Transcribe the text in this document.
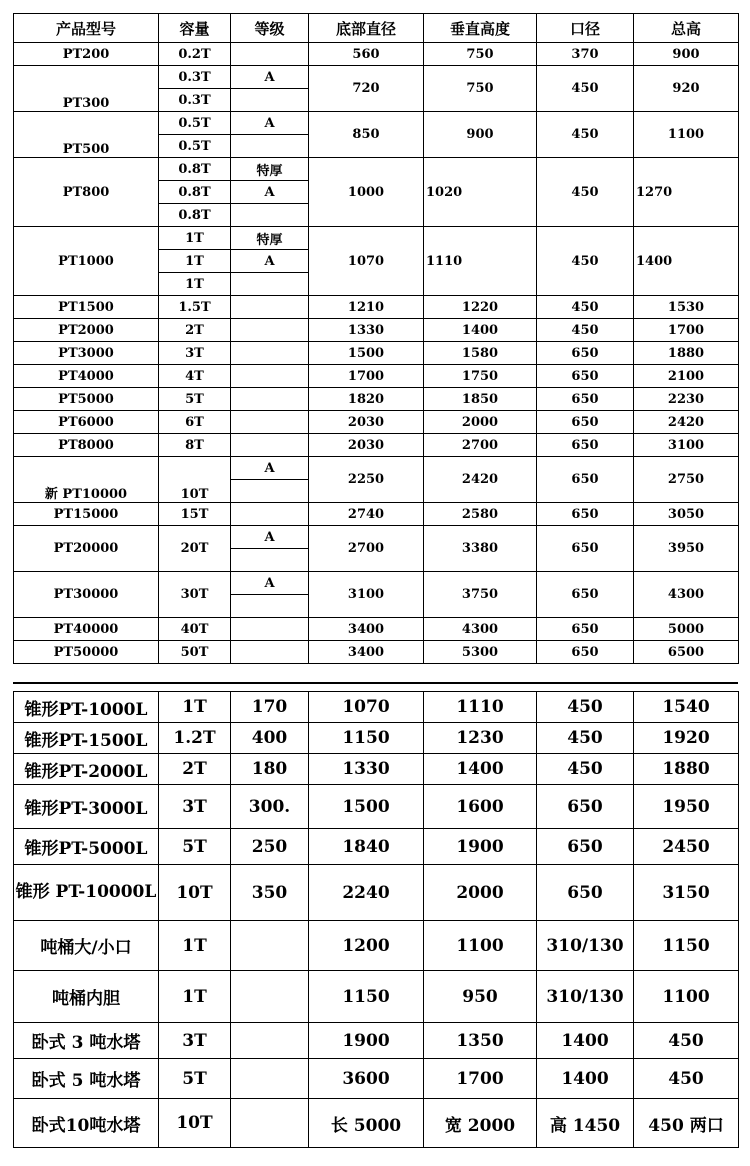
产品型号	容量	等级	底部直径	垂直高度	口径	总高
PT200	0.2T		560	750	370	900
PT300	0.3T	A	720	750	450	920
	0.3T					
PT500	0.5T	A	850	900	450	1100
	0.5T					
PT800	0.8T	特厚	1000	1020	450	1270
	0.8T	A				
	0.8T					
PT1000	1T	特厚	1070	1110	450	1400
	1T	A				
	1T					
PT1500	1.5T		1210	1220	450	1530
PT2000	2T		1330	1400	450	1700
PT3000	3T		1500	1580	650	1880
PT4000	4T		1700	1750	650	2100
PT5000	5T		1820	1850	650	2230
PT6000	6T		2030	2000	650	2420
PT8000	8T		2030	2700	650	3100
新 PT10000	10T	A	2250	2420	650	2750

PT15000	15T		2740	2580	650	3050
PT20000	20T	A	2700	3380	650	3950

PT30000	30T	A	3100	3750	650	4300

PT40000	40T		3400	4300	650	5000
PT50000	50T		3400	5300	650	6500
锥形PT-1000L	1T	170	1070	1110	450	1540
锥形PT-1500L	1.2T	400	1150	1230	450	1920
锥形PT-2000L	2T	180	1330	1400	450	1880
锥形PT-3000L	3T	300.	1500	1600	650	1950
锥形PT-5000L	5T	250	1840	1900	650	2450
锥形 PT-10000L	10T	350	2240	2000	650	3150
吨桶大/小口	1T		1200	1100	310/130	1150
吨桶内胆	1T		1150	950	310/130	1100
卧式 3 吨水塔	3T		1900	1350	1400	450
卧式 5 吨水塔	5T		3600	1700	1400	450
卧式10吨水塔	10T		长 5000	宽 2000	高 1450	450 两口
